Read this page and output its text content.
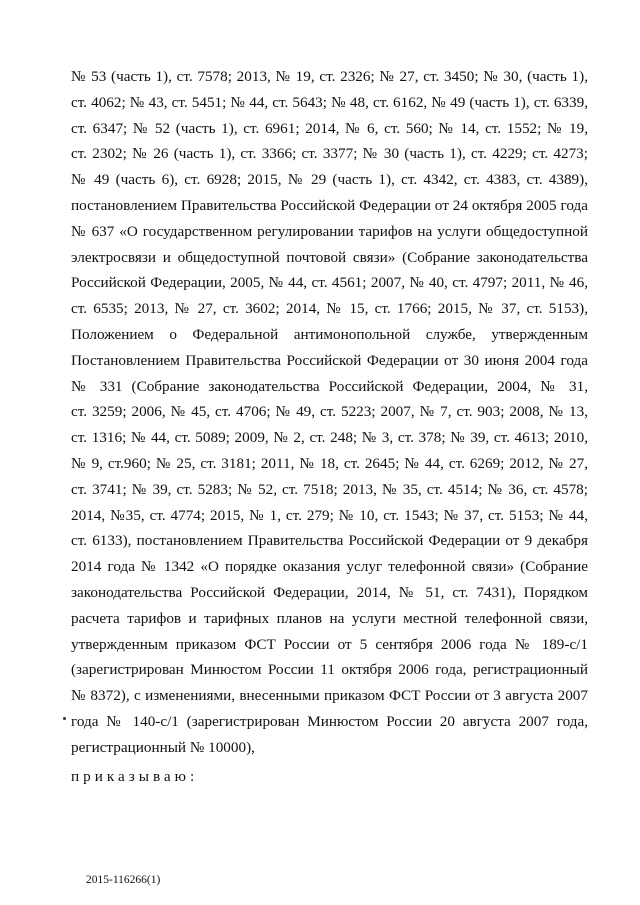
№ 53 (часть 1), ст. 7578; 2013, № 19, ст. 2326; № 27, ст. 3450; № 30, (часть 1),
ст. 4062; № 43, ст. 5451; № 44, ст. 5643; № 48, ст. 6162, № 49 (часть 1), ст. 6339,
ст. 6347; № 52 (часть 1), ст. 6961; 2014, № 6, ст. 560; № 14, ст. 1552; № 19,
ст. 2302; № 26 (часть 1), ст. 3366; ст. 3377; № 30 (часть 1), ст. 4229; ст. 4273;
№ 49 (часть 6), ст. 6928; 2015, № 29 (часть 1), ст. 4342, ст. 4383, ст. 4389),
постановлением Правительства Российской Федерации от 24 октября 2005 года
№ 637 «О государственном регулировании тарифов на услуги общедоступной
электросвязи и общедоступной почтовой связи» (Собрание законодательства
Российской Федерации, 2005, № 44, ст. 4561; 2007, № 40, ст. 4797; 2011, № 46,
ст. 6535; 2013, № 27, ст. 3602; 2014, № 15, ст. 1766; 2015, № 37, ст. 5153),
Положением о Федеральной антимонопольной службе, утвержденным
Постановлением Правительства Российской Федерации от 30 июня 2004 года
№ 331 (Собрание законодательства Российской Федерации, 2004, № 31,
ст. 3259; 2006, № 45, ст. 4706; № 49, ст. 5223; 2007, № 7, ст. 903; 2008, № 13,
ст. 1316; № 44, ст. 5089; 2009, № 2, ст. 248; № 3, ст. 378; № 39, ст. 4613; 2010,
№ 9, ст.960; № 25, ст. 3181; 2011, № 18, ст. 2645; № 44, ст. 6269; 2012, № 27,
ст. 3741; № 39, ст. 5283; № 52, ст. 7518; 2013, № 35, ст. 4514; № 36, ст. 4578;
2014, №35, ст. 4774; 2015, № 1, ст. 279; № 10, ст. 1543; № 37, ст. 5153; № 44,
ст. 6133), постановлением Правительства Российской Федерации от 9 декабря
2014 года № 1342 «О порядке оказания услуг телефонной связи» (Собрание
законодательства Российской Федерации, 2014, № 51, ст. 7431), Порядком
расчета тарифов и тарифных планов на услуги местной телефонной связи,
утвержденным приказом ФСТ России от 5 сентября 2006 года № 189-с/1
(зарегистрирован Минюстом России 11 октября 2006 года, регистрационный
№ 8372), с изменениями, внесенными приказом ФСТ России от 3 августа 2007
года № 140-с/1 (зарегистрирован Минюстом России 20 августа 2007 года,
регистрационный № 10000),
приказываю:
2015-116266(1)
